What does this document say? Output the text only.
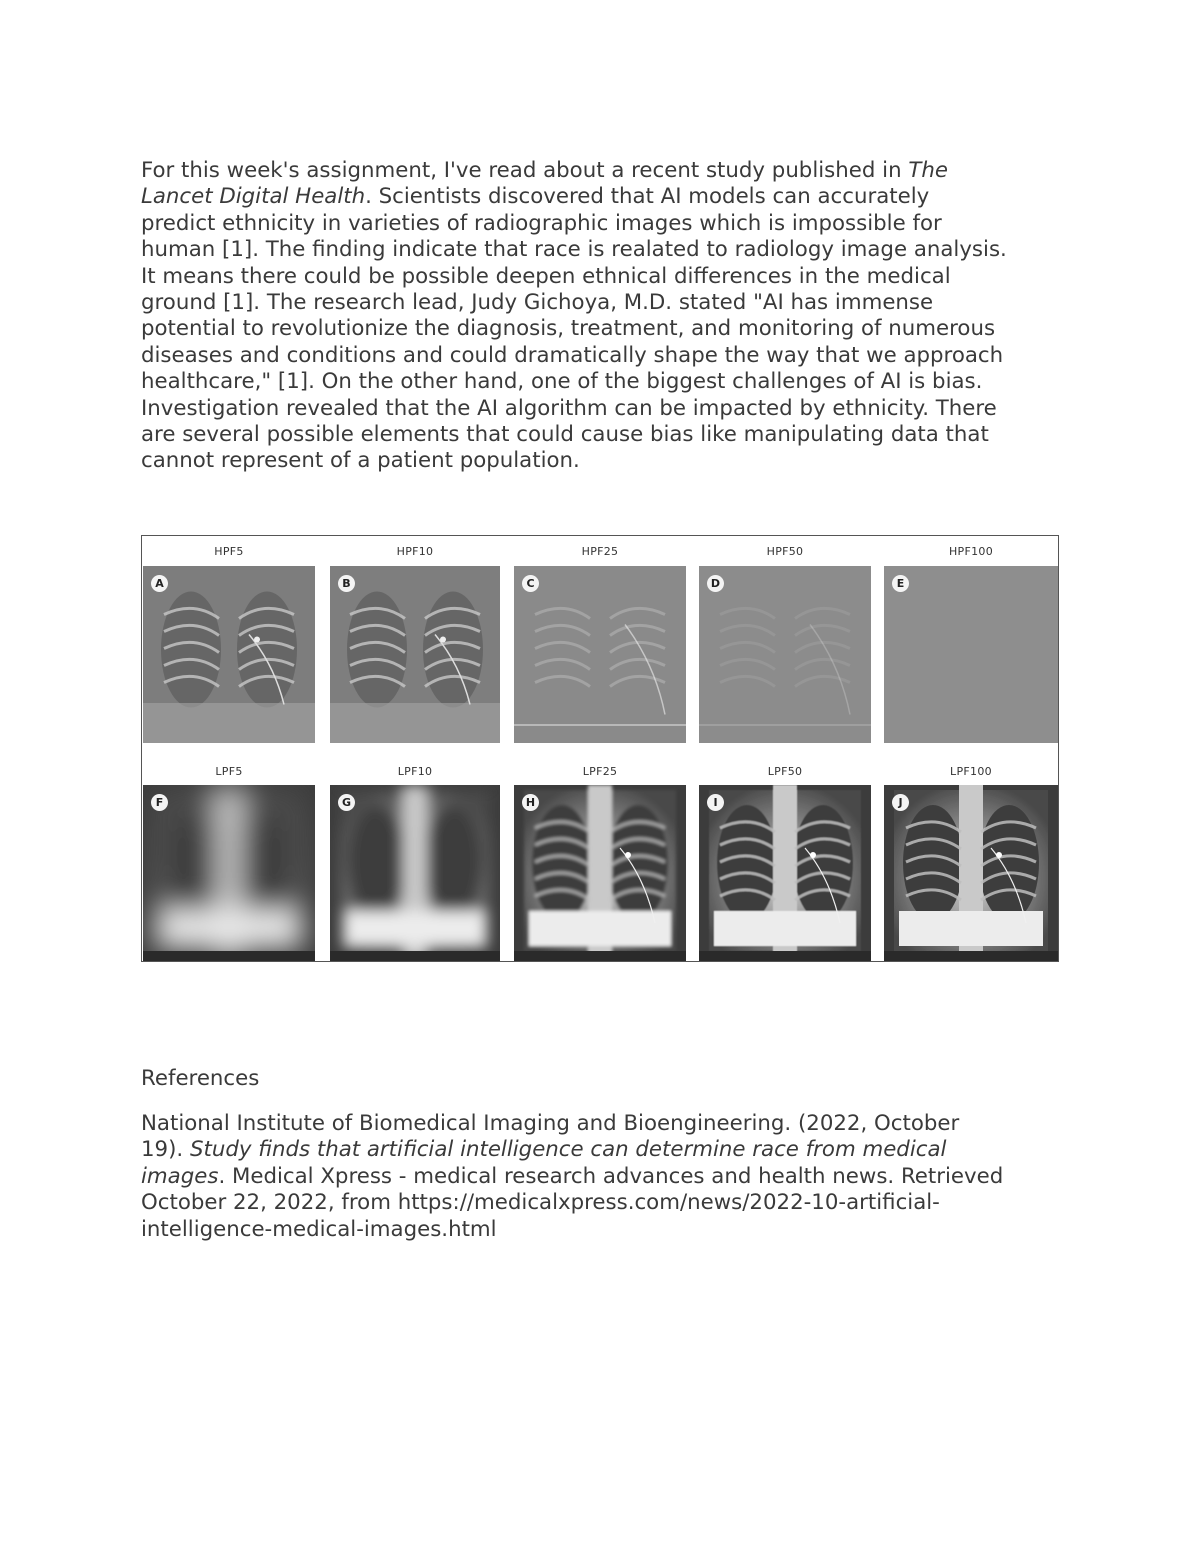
For this week's assignment, I've read about a recent study published in The
Lancet Digital Health. Scientists discovered that AI models can accurately
predict ethnicity in varieties of radiographic images which is impossible for
human [1]. The finding indicate that race is realated to radiology image analysis.
It means there could be possible deepen ethnical differences in the medical
ground [1]. The research lead, Judy Gichoya, M.D. stated "AI has immense
potential to revolutionize the diagnosis, treatment, and monitoring of numerous
diseases and conditions and could dramatically shape the way that we approach
healthcare," [1]. On the other hand, one of the biggest challenges of AI is bias.
Investigation revealed that the AI algorithm can be impacted by ethnicity. There
are several possible elements that could cause bias like manipulating data that
cannot represent of a patient population.
HPF5
A
HPF10
B
HPF25
C
HPF50
D
HPF100
E
LPF5
F
LPF10
G
LPF25
H
LPF50
I
LPF100
J
References
National Institute of Biomedical Imaging and Bioengineering. (2022, October
19). Study finds that artificial intelligence can determine race from medical
images. Medical Xpress - medical research advances and health news. Retrieved
October 22, 2022, from https://medicalxpress.com/news/2022-10-artificial-
intelligence-medical-images.html
